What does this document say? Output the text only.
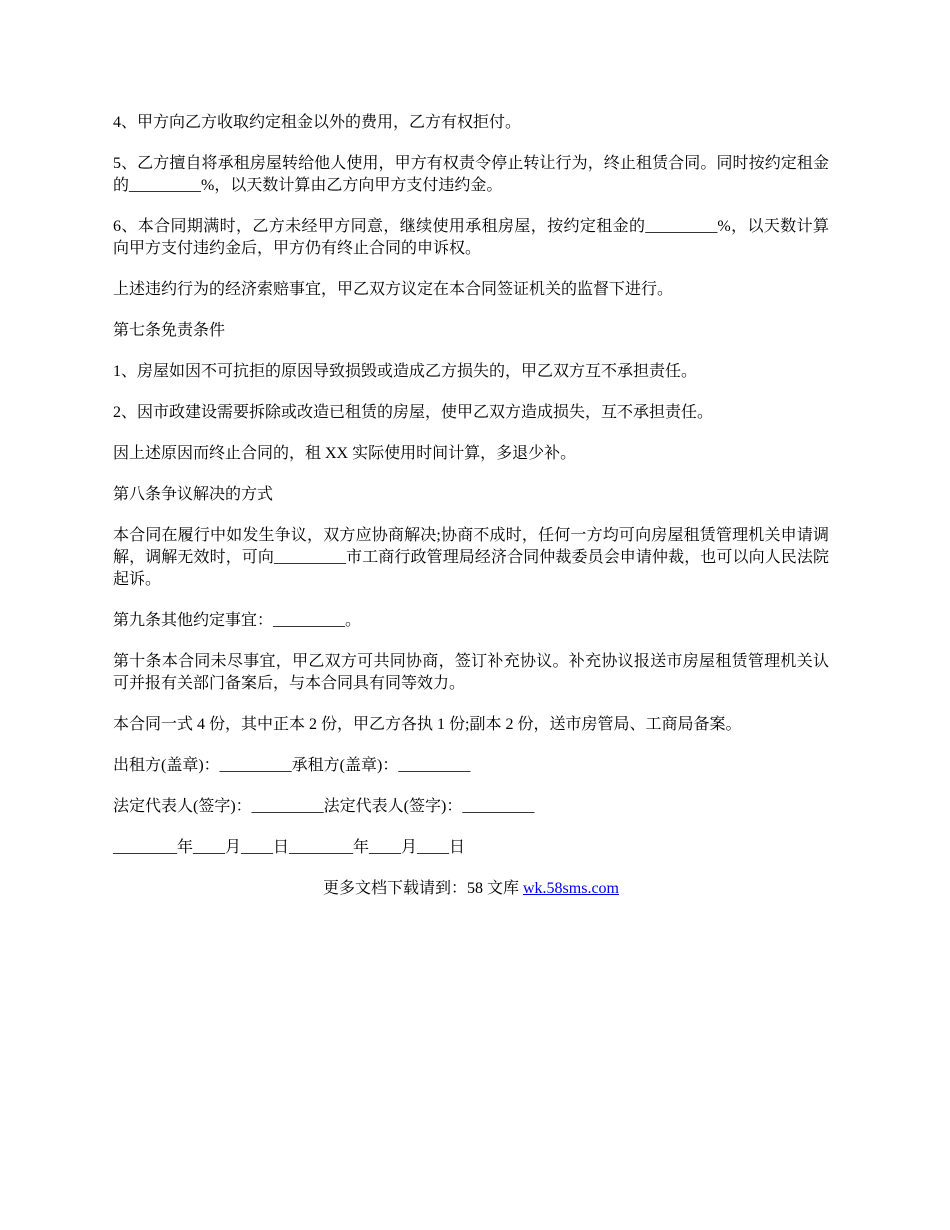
4、甲方向乙方收取约定租金以外的费用，乙方有权拒付。

5、乙方擅自将承租房屋转给他人使用，甲方有权责令停止转让行为，终止租赁合同。同时按约定租金的_________%，以天数计算由乙方向甲方支付违约金。

6、本合同期满时，乙方未经甲方同意，继续使用承租房屋，按约定租金的_________%，以天数计算向甲方支付违约金后，甲方仍有终止合同的申诉权。

上述违约行为的经济索赔事宜，甲乙双方议定在本合同签证机关的监督下进行。

第七条免责条件

1、房屋如因不可抗拒的原因导致损毁或造成乙方损失的，甲乙双方互不承担责任。

2、因市政建设需要拆除或改造已租赁的房屋，使甲乙双方造成损失，互不承担责任。

因上述原因而终止合同的，租 XX 实际使用时间计算，多退少补。

第八条争议解决的方式

本合同在履行中如发生争议，双方应协商解决;协商不成时，任何一方均可向房屋租赁管理机关申请调解，调解无效时，可向_________市工商行政管理局经济合同仲裁委员会申请仲裁，也可以向人民法院起诉。

第九条其他约定事宜：_________。

第十条本合同未尽事宜，甲乙双方可共同协商，签订补充协议。补充协议报送市房屋租赁管理机关认可并报有关部门备案后，与本合同具有同等效力。

本合同一式 4 份，其中正本 2 份，甲乙方各执 1 份;副本 2 份，送市房管局、工商局备案。

出租方(盖章)：_________承租方(盖章)：_________

法定代表人(签字)：_________法定代表人(签字)：_________

________年____月____日________年____月____日

更多文档下载请到：58 文库 wk.58sms.com
